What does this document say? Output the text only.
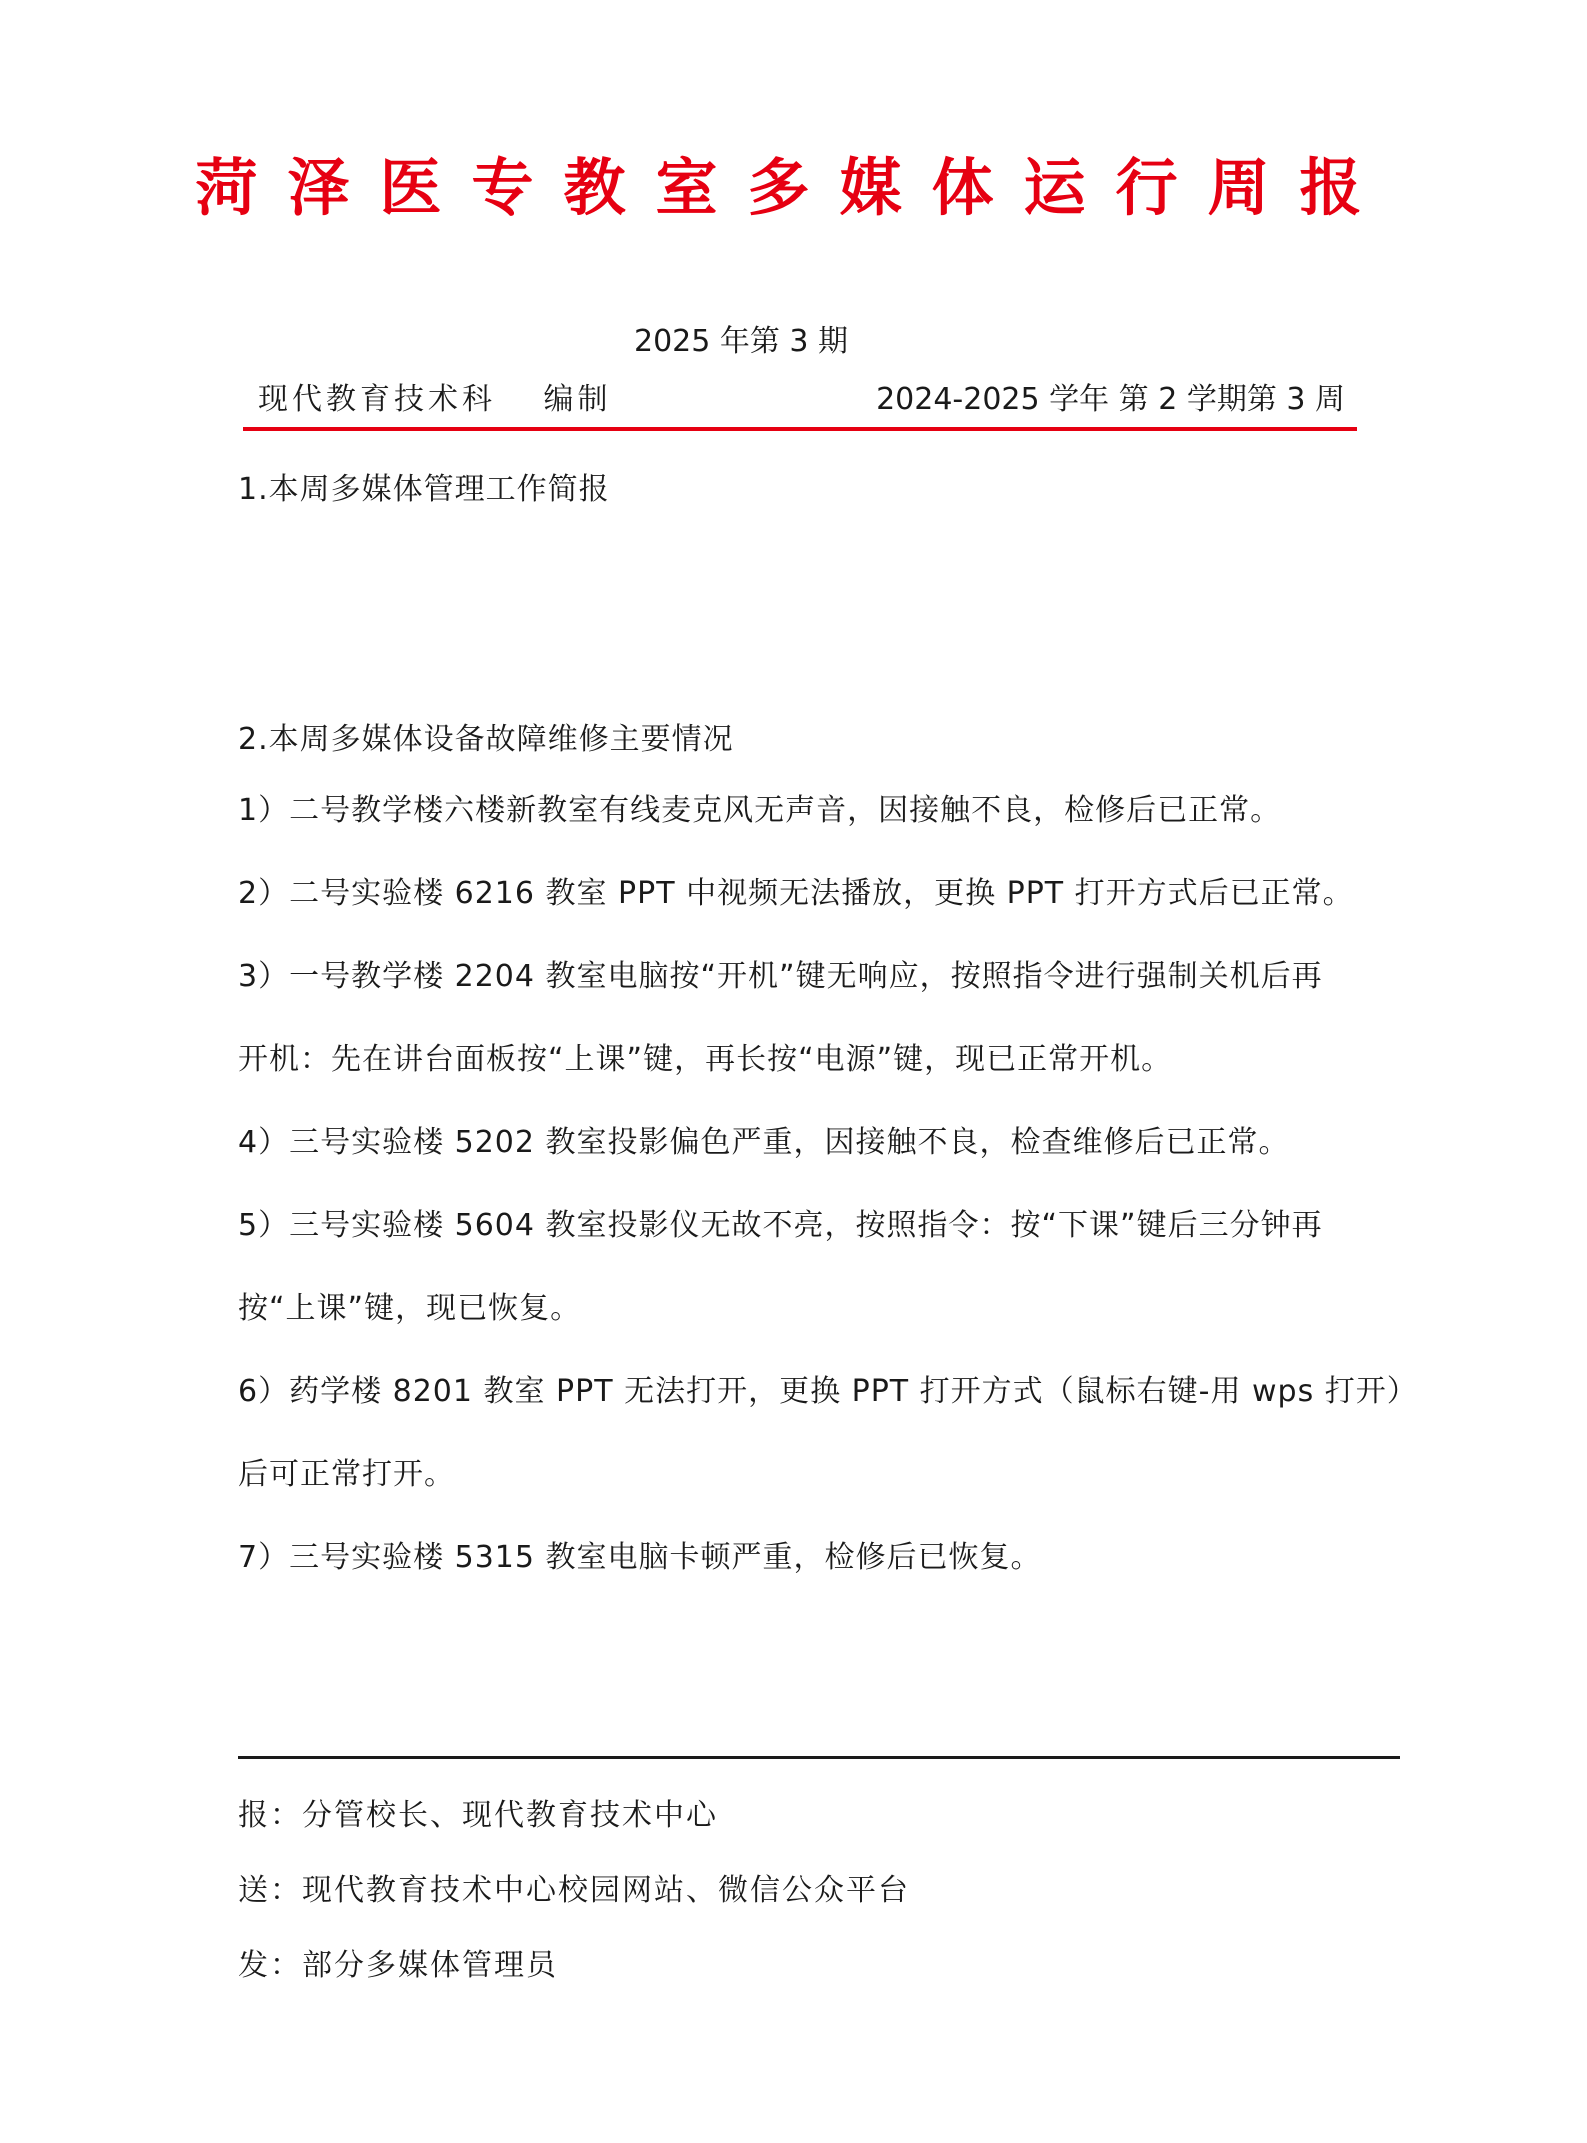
菏泽医专教室多媒体运行周报
2025 年第 3 期
现代教育技术科　 编制	2024-2025 学年 第 2 学期第 3 周
1.本周多媒体管理工作简报
2.本周多媒体设备故障维修主要情况
1）二号教学楼六楼新教室有线麦克风无声音，因接触不良，检修后已正常。
2）二号实验楼 6216 教室 PPT 中视频无法播放，更换 PPT 打开方式后已正常。
3）一号教学楼 2204 教室电脑按“开机”键无响应，按照指令进行强制关机后再
开机：先在讲台面板按“上课”键，再长按“电源”键，现已正常开机。
4）三号实验楼 5202 教室投影偏色严重，因接触不良，检查维修后已正常。
5）三号实验楼 5604 教室投影仪无故不亮，按照指令：按“下课”键后三分钟再
按“上课”键，现已恢复。
6）药学楼 8201 教室 PPT 无法打开，更换 PPT 打开方式（鼠标右键-用 wps 打开）
后可正常打开。
7）三号实验楼 5315 教室电脑卡顿严重，检修后已恢复。
报：分管校长、现代教育技术中心
送：现代教育技术中心校园网站、微信公众平台
发：部分多媒体管理员
